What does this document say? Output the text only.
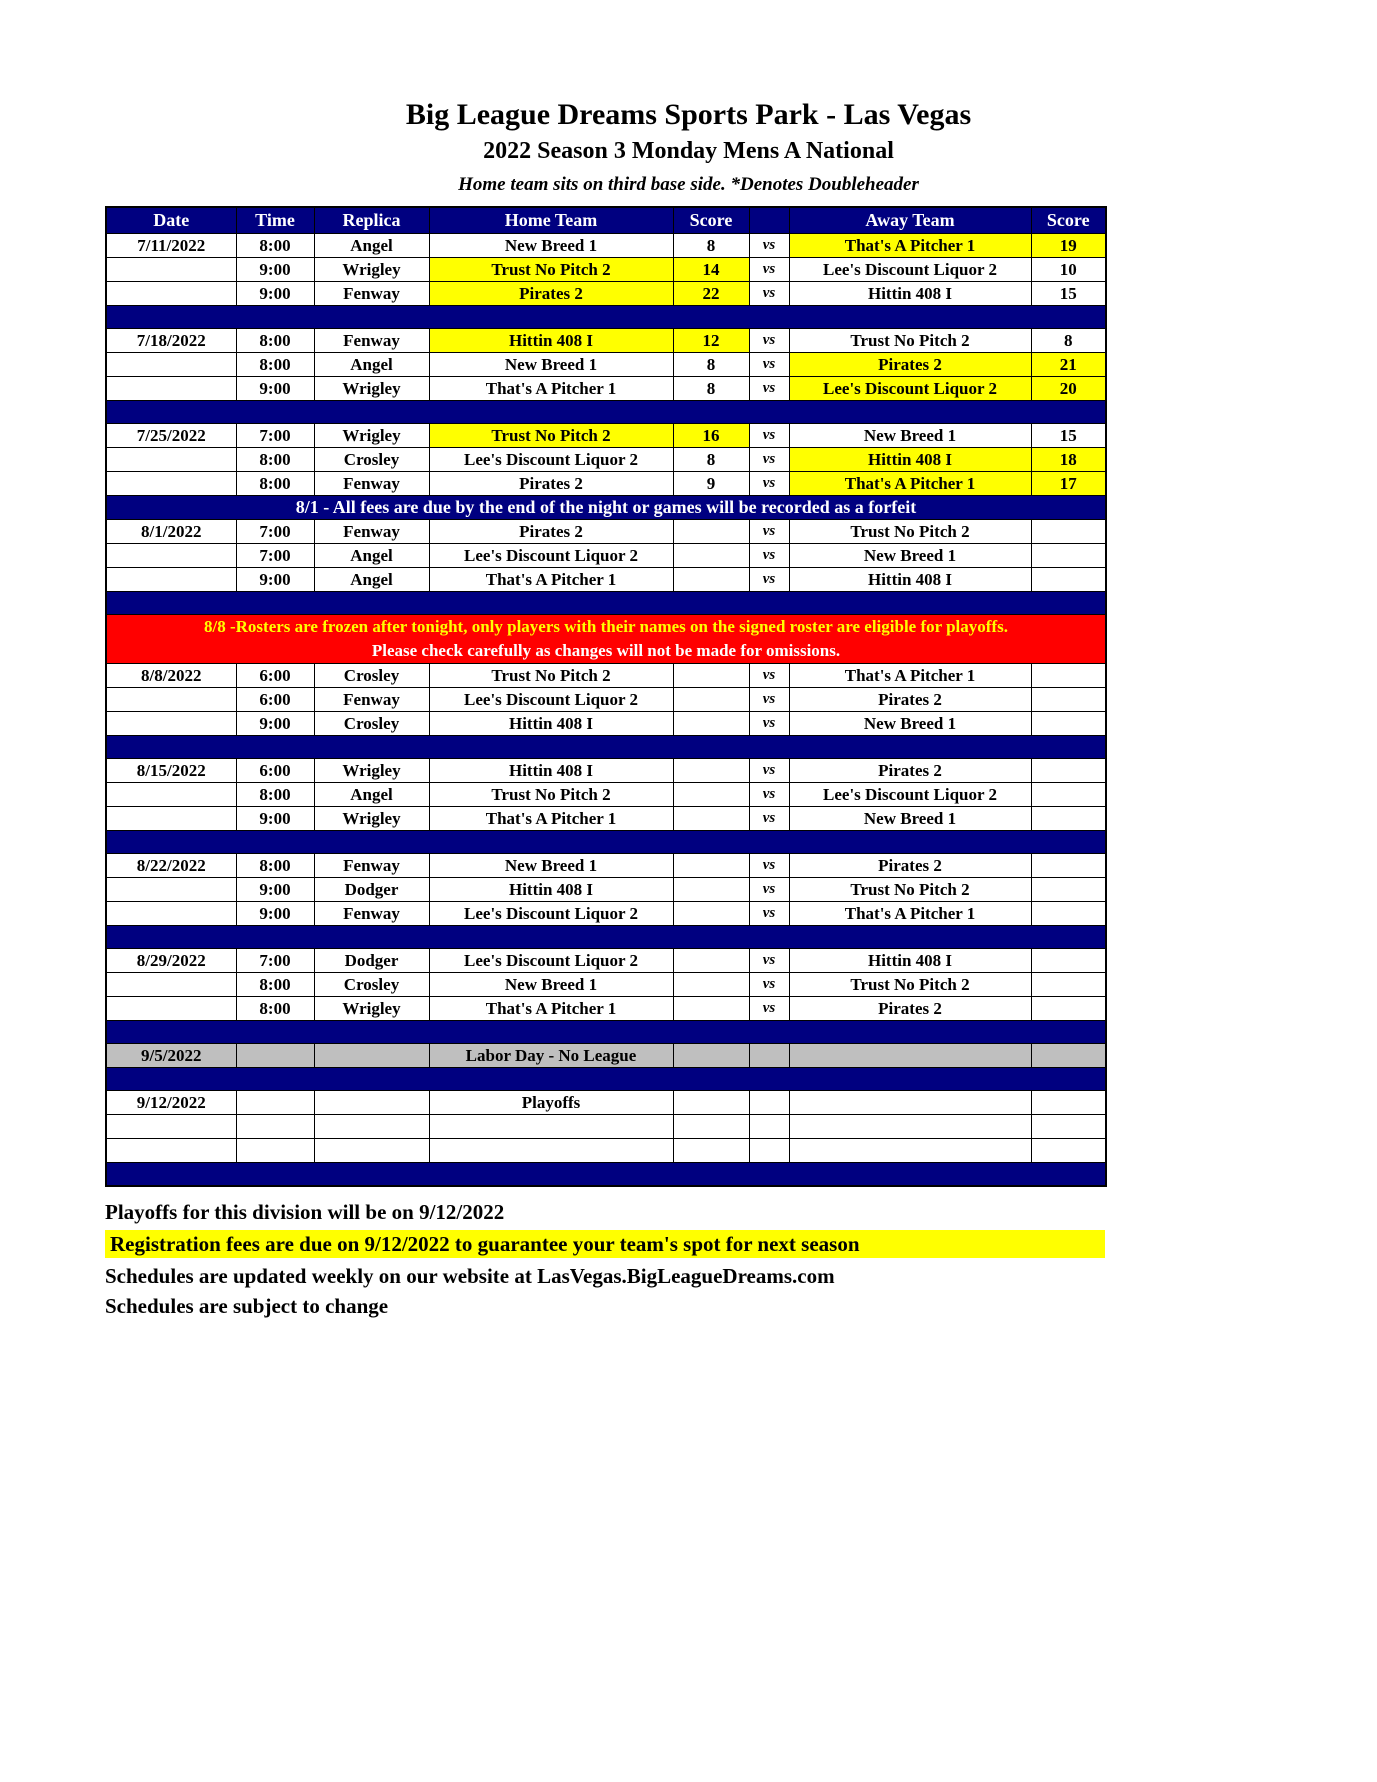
Big League Dreams Sports Park - Las Vegas
2022 Season 3 Monday Mens A National
Home team sits on third base side. *Denotes Doubleheader
Date	Time	Replica	Home Team	Score		Away Team	Score
7/11/2022	8:00	Angel	New Breed 1	8	vs	That's A Pitcher 1	19
	9:00	Wrigley	Trust No Pitch 2	14	vs	Lee's Discount Liquor 2	10
	9:00	Fenway	Pirates 2	22	vs	Hittin 408 I	15

7/18/2022	8:00	Fenway	Hittin 408 I	12	vs	Trust No Pitch 2	8
	8:00	Angel	New Breed 1	8	vs	Pirates 2	21
	9:00	Wrigley	That's A Pitcher 1	8	vs	Lee's Discount Liquor 2	20

7/25/2022	7:00	Wrigley	Trust No Pitch 2	16	vs	New Breed 1	15
	8:00	Crosley	Lee's Discount Liquor 2	8	vs	Hittin 408 I	18
	8:00	Fenway	Pirates 2	9	vs	That's A Pitcher 1	17
8/1 - All fees are due by the end of the night or games will be recorded as a forfeit							
8/1/2022	7:00	Fenway	Pirates 2		vs	Trust No Pitch 2	
	7:00	Angel	Lee's Discount Liquor 2		vs	New Breed 1	
	9:00	Angel	That's A Pitcher 1		vs	Hittin 408 I	

8/8 -Rosters are frozen after tonight, only players with their names on the signed roster are eligible for playoffs.
Please check carefully as changes will not be made for omissions.							

8/8/2022	6:00	Crosley	Trust No Pitch 2		vs	That's A Pitcher 1	
	6:00	Fenway	Lee's Discount Liquor 2		vs	Pirates 2	
	9:00	Crosley	Hittin 408 I		vs	New Breed 1	

8/15/2022	6:00	Wrigley	Hittin 408 I		vs	Pirates 2	
	8:00	Angel	Trust No Pitch 2		vs	Lee's Discount Liquor 2	
	9:00	Wrigley	That's A Pitcher 1		vs	New Breed 1	

8/22/2022	8:00	Fenway	New Breed 1		vs	Pirates 2	
	9:00	Dodger	Hittin 408 I		vs	Trust No Pitch 2	
	9:00	Fenway	Lee's Discount Liquor 2		vs	That's A Pitcher 1	

8/29/2022	7:00	Dodger	Lee's Discount Liquor 2		vs	Hittin 408 I	
	8:00	Crosley	New Breed 1		vs	Trust No Pitch 2	
	8:00	Wrigley	That's A Pitcher 1		vs	Pirates 2	

9/5/2022			Labor Day - No League				

9/12/2022			Playoffs				

Playoffs for this division will be on 9/12/2022
Registration fees are due on 9/12/2022 to guarantee your team's spot for next season
Schedules are updated weekly on our website at LasVegas.BigLeagueDreams.com
Schedules are subject to change
